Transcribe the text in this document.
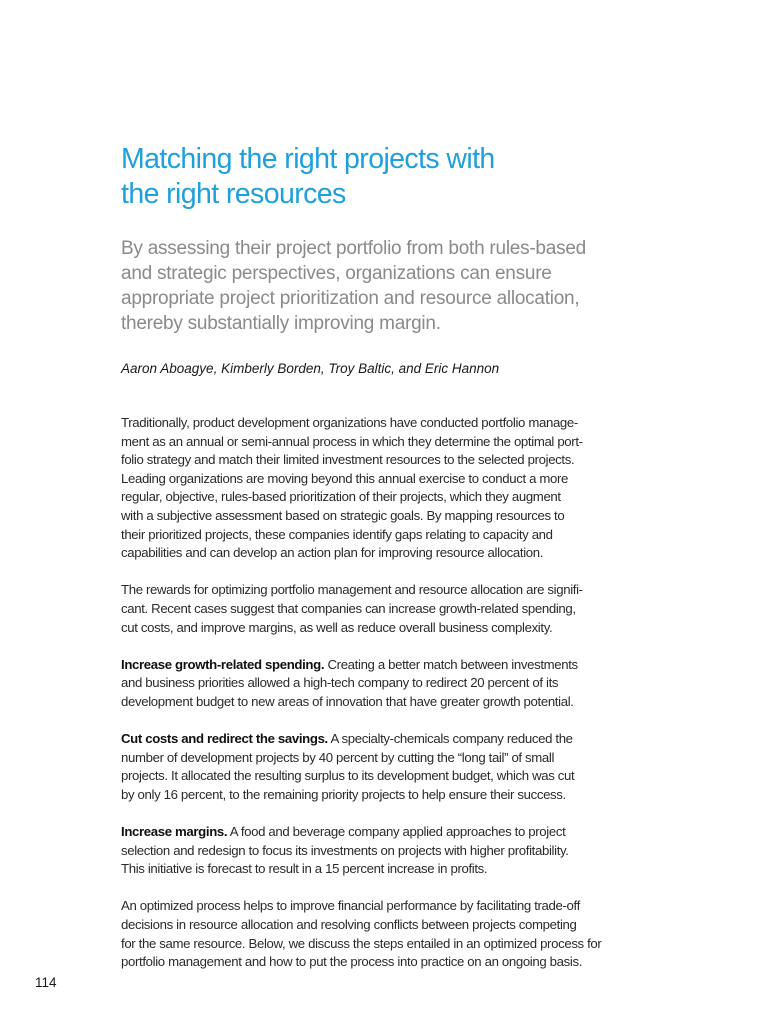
Matching the right projects with
the right resources
By assessing their project portfolio from both rules-based
and strategic perspectives, organizations can ensure
appropriate project prioritization and resource allocation,
thereby substantially improving margin.
Aaron Aboagye, Kimberly Borden, Troy Baltic, and Eric Hannon

Traditionally, product development organizations have conducted portfolio manage-
ment as an annual or semi-annual process in which they determine the optimal port-
folio strategy and match their limited investment resources to the selected projects.
Leading organizations are moving beyond this annual exercise to conduct a more
regular, objective, rules-based prioritization of their projects, which they augment
with a subjective assessment based on strategic goals. By mapping resources to
their prioritized projects, these companies identify gaps relating to capacity and
capabilities and can develop an action plan for improving resource allocation.

The rewards for optimizing portfolio management and resource allocation are signifi-
cant. Recent cases suggest that companies can increase growth-related spending,
cut costs, and improve margins, as well as reduce overall business complexity.

Increase growth-related spending. Creating a better match between investments
and business priorities allowed a high-tech company to redirect 20 percent of its
development budget to new areas of innovation that have greater growth potential.

Cut costs and redirect the savings. A specialty-chemicals company reduced the
number of development projects by 40 percent by cutting the “long tail” of small
projects. It allocated the resulting surplus to its development budget, which was cut
by only 16 percent, to the remaining priority projects to help ensure their success.

Increase margins. A food and beverage company applied approaches to project
selection and redesign to focus its investments on projects with higher profitability.
This initiative is forecast to result in a 15 percent increase in profits.

An optimized process helps to improve financial performance by facilitating trade-off
decisions in resource allocation and resolving conflicts between projects competing
for the same resource. Below, we discuss the steps entailed in an optimized process for
portfolio management and how to put the process into practice on an ongoing basis.

114
